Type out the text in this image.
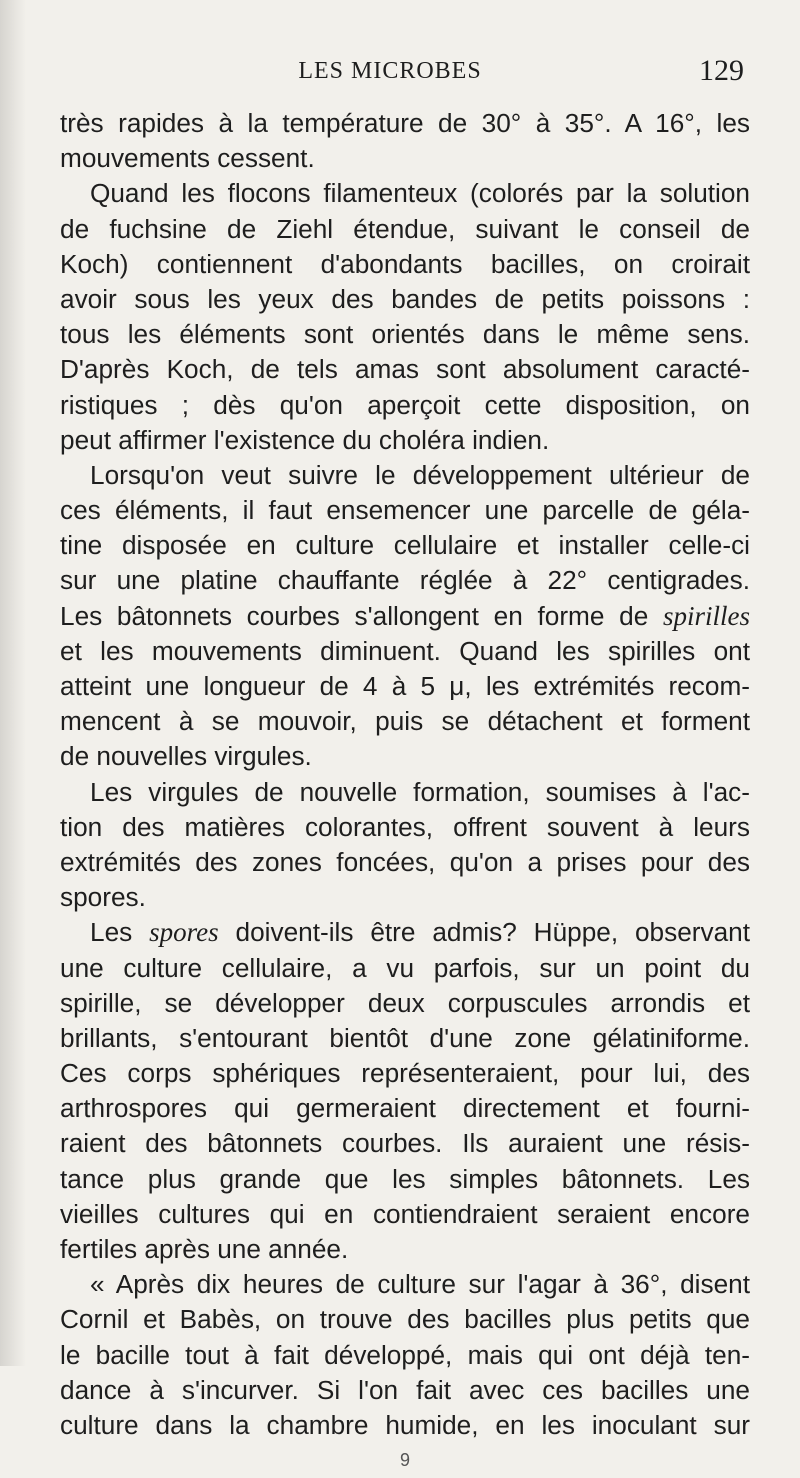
LES MICROBES	129
très rapides à la température de 30° à 35°. A 16°, les
mouvements cessent.
Quand les flocons filamenteux (colorés par la solution
de fuchsine de Ziehl étendue, suivant le conseil de
Koch) contiennent d'abondants bacilles, on croirait
avoir sous les yeux des bandes de petits poissons :
tous les éléments sont orientés dans le même sens.
D'après Koch, de tels amas sont absolument caracté-
ristiques ; dès qu'on aperçoit cette disposition, on
peut affirmer l'existence du choléra indien.
Lorsqu'on veut suivre le développement ultérieur de
ces éléments, il faut ensemencer une parcelle de géla-
tine disposée en culture cellulaire et installer celle-ci
sur une platine chauffante réglée à 22° centigrades.
Les bâtonnets courbes s'allongent en forme de spirilles
et les mouvements diminuent. Quand les spirilles ont
atteint une longueur de 4 à 5 μ, les extrémités recom-
mencent à se mouvoir, puis se détachent et forment
de nouvelles virgules.
Les virgules de nouvelle formation, soumises à l'ac-
tion des matières colorantes, offrent souvent à leurs
extrémités des zones foncées, qu'on a prises pour des
spores.
Les spores doivent-ils être admis? Hüppe, observant
une culture cellulaire, a vu parfois, sur un point du
spirille, se développer deux corpuscules arrondis et
brillants, s'entourant bientôt d'une zone gélatiniforme.
Ces corps sphériques représenteraient, pour lui, des
arthrospores qui germeraient directement et fourni-
raient des bâtonnets courbes. Ils auraient une résis-
tance plus grande que les simples bâtonnets. Les
vieilles cultures qui en contiendraient seraient encore
fertiles après une année.
« Après dix heures de culture sur l'agar à 36°, disent
Cornil et Babès, on trouve des bacilles plus petits que
le bacille tout à fait développé, mais qui ont déjà ten-
dance à s'incurver. Si l'on fait avec ces bacilles une
culture dans la chambre humide, en les inoculant sur
9
